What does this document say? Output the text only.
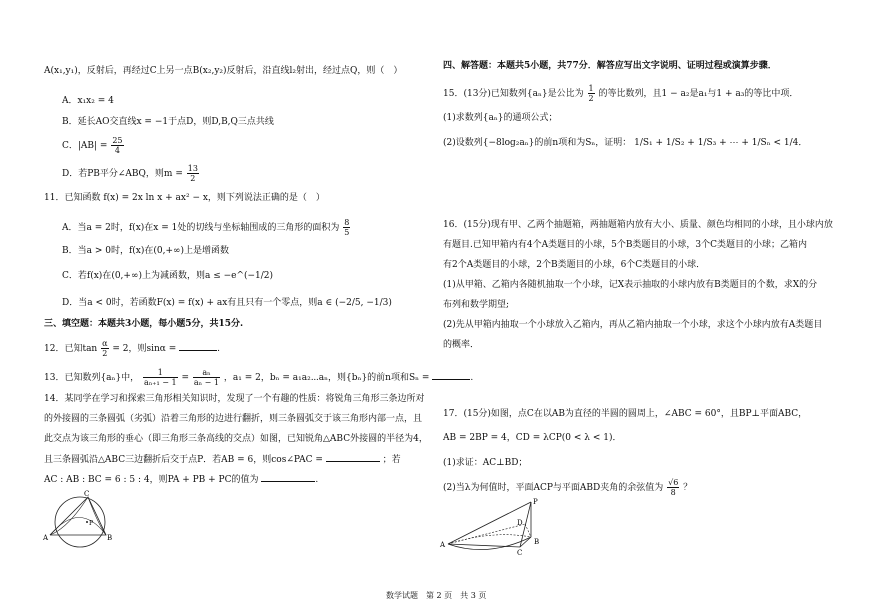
A(x₁,y₁)，反射后，再经过C上另一点B(x₂,y₂)反射后，沿直线l₂射出，经过点Q，则（　）
A．x₁x₂ = 4
B．延长AO交直线x = −1于点D，则D,B,Q三点共线
C．$|AB| = \frac{25}{4}$
D．若PB平分∠ABQ，则$m = \frac{13}{2}$
11．已知函数 f(x) = 2x ln x + ax² − x，则下列说法正确的是（　）
A．当a = 2时，f(x)在x = 1处的切线与坐标轴围成的三角形的面积为 $\frac{8}{5}$
B．当a > 0时，f(x)在(0,+∞)上是增函数
C．若f(x)在(0,+∞)上为减函数，则a ≤ −e^(−1/2)
D．当a < 0时，若函数F(x) = f(x) + ax有且只有一个零点，则a ∈ (−2/5, −1/3)
三、填空题：本题共3小题，每小题5分，共15分.
12．已知$\tan \frac{\alpha}{2} = 2$，则sinα =	.
13．已知数列{aₙ}中， $\frac{1}{\text{aₙ₊₁ − 1}} = \frac{\text{aₙ}}{\text{aₙ − 1}}$ ，a₁ = 2，bₙ = a₁a₂⋯aₙ，则{bₙ}的前n项和Sₙ =	.
14．某同学在学习和探索三角形相关知识时，发现了一个有趣的性质：将锐角三角形三条边所对
的外接圆的三条圆弧（劣弧）沿着三角形的边进行翻折，则三条圆弧交于该三角形内部一点，且
此交点为该三角形的垂心（即三角形三条高线的交点）如图，已知锐角△ABC外接圆的半径为4，
且三条圆弧沿△ABC三边翻折后交于点P．若AB = 6，则cos∠PAC =	；若
AC : AB : BC = 6 : 5 : 4，则PA + PB + PC的值为	.
C
P
A	B
四、解答题：本题共5小题，共77分．解答应写出文字说明、证明过程或演算步骤．
15．(13分)已知数列{aₙ}是公比为 $\frac{1}{2}$ 的等比数列，且1 − a₂是a₁与1 + a₃的等比中项．
(1)求数列{aₙ}的通项公式；
(2)设数列{−8log₂aₙ}的前n项和为Sₙ，证明： 1/S₁ + 1/S₂ + 1/S₃ + ⋯ + 1/Sₙ < 1/4．
16．(15分)现有甲、乙两个抽题箱，两抽题箱内放有大小、质量、颜色均相同的小球，且小球内放
有题目.已知甲箱内有4个A类题目的小球，5个B类题目的小球，3个C类题目的小球；乙箱内
有2个A类题目的小球，2个B类题目的小球，6个C类题目的小球．
(1)从甲箱、乙箱内各随机抽取一个小球，记X表示抽取的小球内放有B类题目的个数，求X的分
布列和数学期望;
(2)先从甲箱内抽取一个小球放入乙箱内，再从乙箱内抽取一个小球，求这个小球内放有A类题目
的概率．
17．(15分)如图，点C在以AB为直径的半圆的圆周上，∠ABC = 60°，且BP⊥平面ABC，
AB = 2BP = 4，CD = λCP(0 < λ < 1)．
(1)求证：AC⊥BD；
(2)当λ为何值时，平面ACP与平面ABD夹角的余弦值为 $\frac{√6}{8}$ ？
P
D
A
C
B
数学试题　第 2 页　共 3 页
